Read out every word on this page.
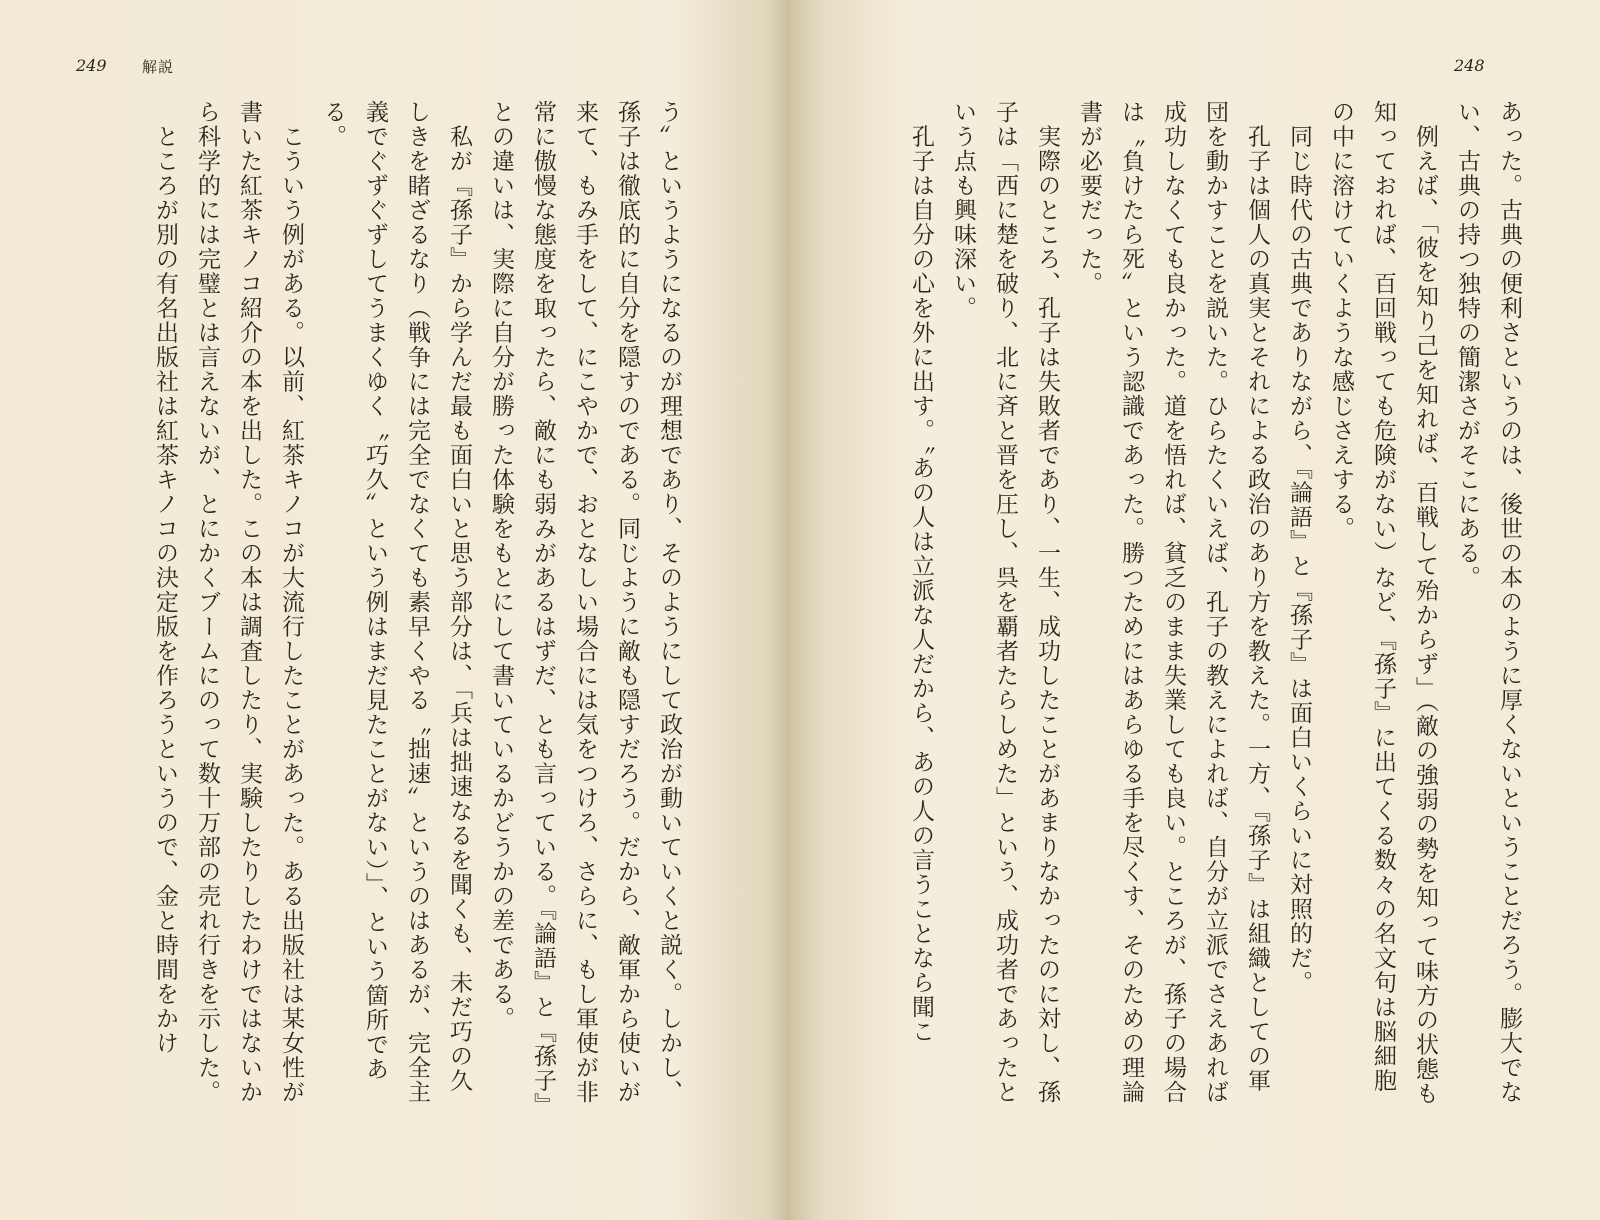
249 解説

う〟というようになるのが理想であり、そのようにして政治が動いていくと説く。しかし、孫子は徹底的に自分を隠すのである。同じように敵も隠すだろう。だから、敵軍から使いが来て、もみ手をして、にこやかで、おとなしい場合には気をつけろ、さらに、もし軍使が非常に傲慢な態度を取ったら、敵にも弱みがあるはずだ、とも言っている。『論語』と『孫子』との違いは、実際に自分が勝った体験をもとにして書いているかどうかの差である。

　私が『孫子』から学んだ最も面白いと思う部分は、「兵は拙速なるを聞くも、未だ巧の久しきを睹ざるなり（戦争には完全でなくても素早くやる〝拙速〟というのはあるが、完全主義でぐずぐずしてうまくゆく〝巧久〟という例はまだ見たことがない）」、という箇所である。

　こういう例がある。以前、紅茶キノコが大流行したことがあった。ある出版社は某女性が書いた紅茶キノコ紹介の本を出した。この本は調査したり、実験したりしたわけではないから科学的には完璧とは言えないが、とにかくブームにのって数十万部の売れ行きを示した。

　ところが別の有名出版社は紅茶キノコの決定版を作ろうというので、金と時間をかけ

248

あった。古典の便利さというのは、後世の本のように厚くないということだろう。膨大でない、古典の持つ独特の簡潔さがそこにある。

　例えば、「彼を知り己を知れば、百戦して殆からず」（敵の強弱の勢を知って味方の状態も知っておれば、百回戦っても危険がない）など、『孫子』に出てくる数々の名文句は脳細胞の中に溶けていくような感じさえする。

　同じ時代の古典でありながら、『論語』と『孫子』は面白いくらいに対照的だ。

　孔子は個人の真実とそれによる政治のあり方を教えた。一方、『孫子』は組織としての軍団を動かすことを説いた。ひらたくいえば、孔子の教えによれば、自分が立派でさえあれば成功しなくても良かった。道を悟れば、貧乏のまま失業しても良い。ところが、孫子の場合は〝負けたら死〟という認識であった。勝つためにはあらゆる手を尽くす、そのための理論書が必要だった。

　実際のところ、孔子は失敗者であり、一生、成功したことがあまりなかったのに対し、孫子は「西に楚を破り、北に斉と晋を圧し、呉を覇者たらしめた」という、成功者であったという点も興味深い。

　孔子は自分の心を外に出す。〝あの人は立派な人だから、あの人の言うことなら聞こ
